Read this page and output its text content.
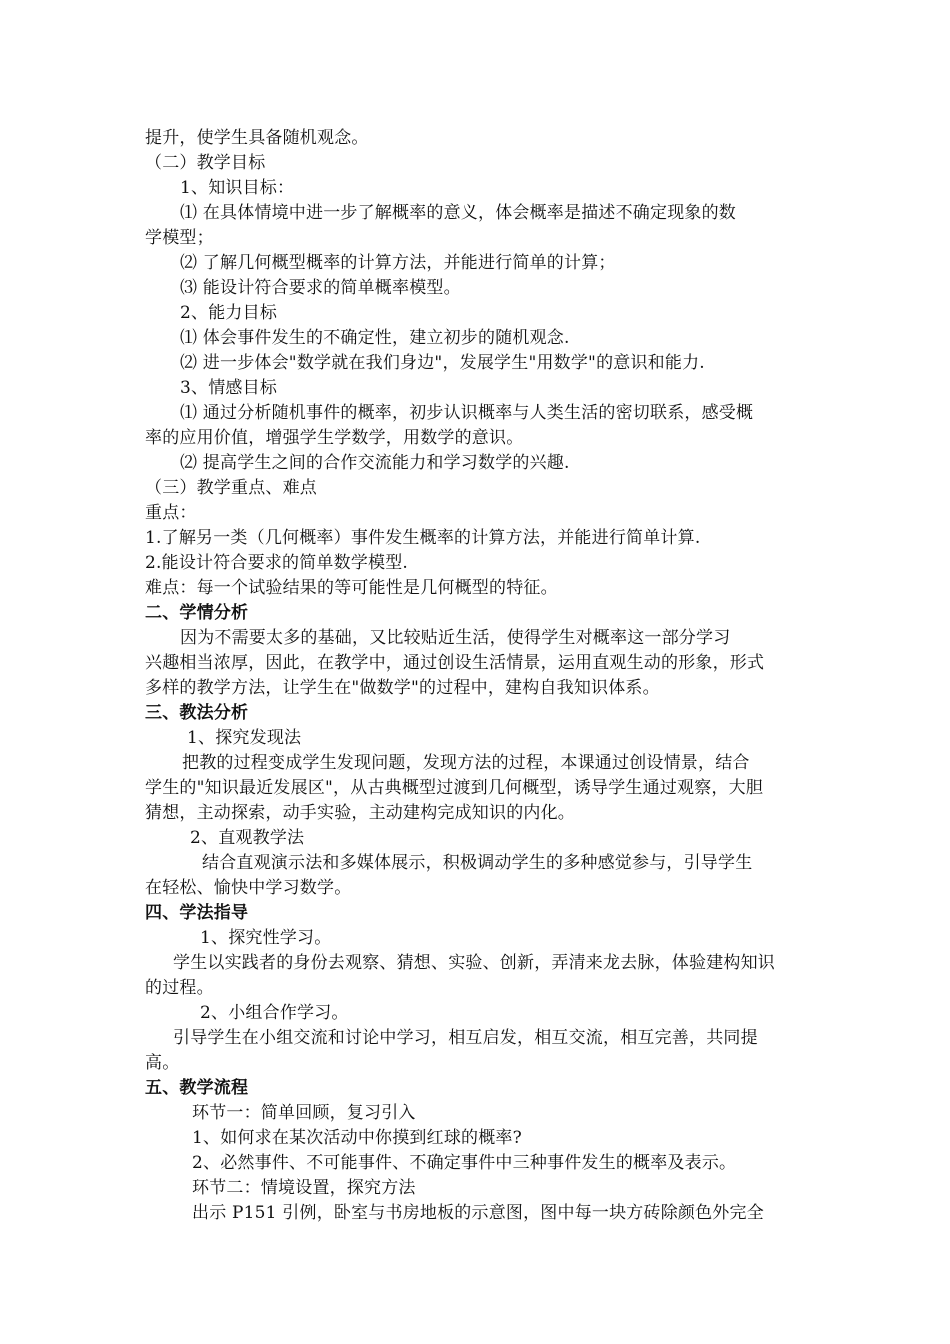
提升，使学生具备随机观念。
（二）教学目标
1、知识目标：
⑴ 在具体情境中进一步了解概率的意义，体会概率是描述不确定现象的数
学模型；
⑵ 了解几何概型概率的计算方法，并能进行简单的计算；
⑶ 能设计符合要求的简单概率模型。
2、能力目标
⑴ 体会事件发生的不确定性，建立初步的随机观念.
⑵ 进一步体会"数学就在我们身边"，发展学生"用数学"的意识和能力.
3、情感目标
⑴ 通过分析随机事件的概率，初步认识概率与人类生活的密切联系，感受概
率的应用价值，增强学生学数学，用数学的意识。
⑵ 提高学生之间的合作交流能力和学习数学的兴趣.
（三）教学重点、难点
重点：
1.了解另一类（几何概率）事件发生概率的计算方法，并能进行简单计算.
2.能设计符合要求的简单数学模型.
难点：每一个试验结果的等可能性是几何概型的特征。
二、学情分析
因为不需要太多的基础，又比较贴近生活，使得学生对概率这一部分学习
兴趣相当浓厚，因此，在教学中，通过创设生活情景，运用直观生动的形象，形式
多样的教学方法，让学生在"做数学"的过程中，建构自我知识体系。
三、教法分析
1、探究发现法
把教的过程变成学生发现问题，发现方法的过程，本课通过创设情景，结合
学生的"知识最近发展区"，从古典概型过渡到几何概型，诱导学生通过观察，大胆
猜想，主动探索，动手实验，主动建构完成知识的内化。
2、直观教学法
结合直观演示法和多媒体展示，积极调动学生的多种感觉参与，引导学生
在轻松、愉快中学习数学。
四、学法指导
1、探究性学习。
学生以实践者的身份去观察、猜想、实验、创新，弄清来龙去脉，体验建构知识
的过程。
2、小组合作学习。
引导学生在小组交流和讨论中学习，相互启发，相互交流，相互完善，共同提
高。
五、教学流程
环节一：简单回顾，复习引入
1、如何求在某次活动中你摸到红球的概率?
2、必然事件、不可能事件、不确定事件中三种事件发生的概率及表示。
环节二：情境设置，探究方法
出示 P151 引例，卧室与书房地板的示意图，图中每一块方砖除颜色外完全
